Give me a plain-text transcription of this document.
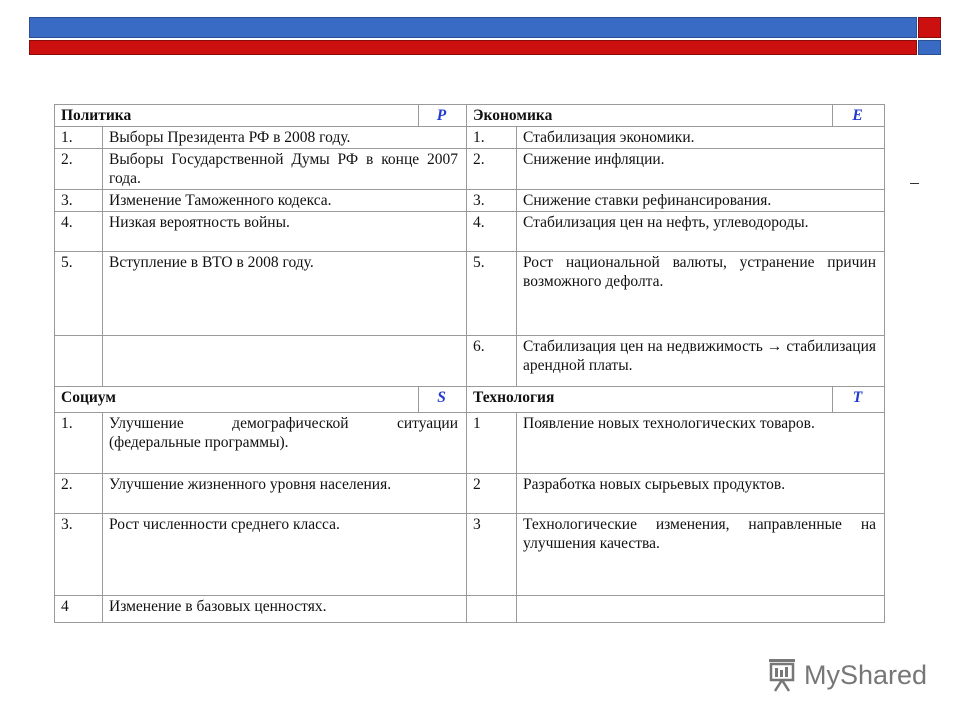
Политика		P	Экономика		E
1.	Выборы Президента РФ в 2008 году.		1.	Стабилизация экономики.	
2.	Выборы Государственной Думы РФ в конце 2007 года.		2.	Снижение инфляции.	
3.	Изменение Таможенного кодекса.		3.	Снижение ставки рефинансирования.	
4.	Низкая вероятность войны.		4.	Стабилизация цен на нефть, углеводороды.	
5.	Вступление в ВТО в 2008 году.		5.	Рост национальной валюты, устранение причин возможного дефолта.	
			6.	Стабилизация цен на недвижимость → стабилизация арендной платы.	
Социум		S	Технология		T
1.	Улучшение демографической ситуации (федеральные программы).		1	Появление новых технологических товаров.	
2.	Улучшение жизненного уровня населения.		2	Разработка новых сырьевых продуктов.	
3.	Рост численности среднего класса.		3	Технологические изменения, направленные на улучшения качества.	
4	Изменение в базовых ценностях.				
MyShared
